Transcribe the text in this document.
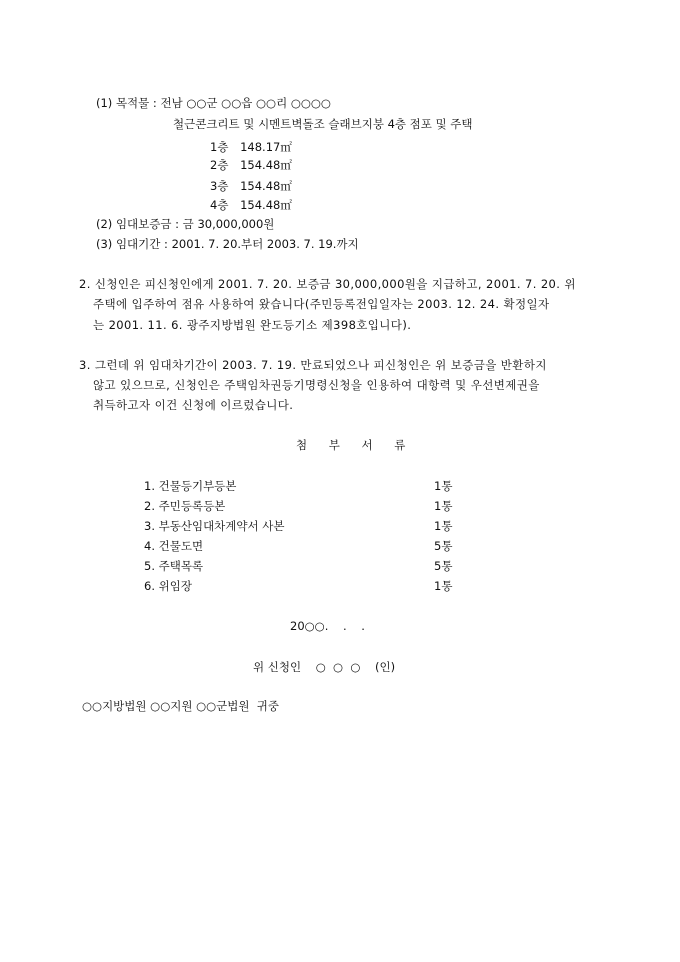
(1) 목적물 : 전남 ○○군 ○○읍 ○○리 ○○○○
철근콘크리트 및 시멘트벽돌조 슬래브지붕 4층 점포 및 주택
1층 148.17㎡
2층 154.48㎡
3층 154.48㎡
4층 154.48㎡
(2) 임대보증금 : 금 30,000,000원
(3) 임대기간 : 2001. 7. 20.부터 2003. 7. 19.까지
2. 신청인은 피신청인에게 2001. 7. 20. 보증금 30,000,000원을 지급하고, 2001. 7. 20. 위
주택에 입주하여 점유 사용하여 왔습니다(주민등록전입일자는 2003. 12. 24. 확정일자
는 2001. 11. 6. 광주지방법원 완도등기소 제398호입니다).
3. 그런데 위 임대차기간이 2003. 7. 19. 만료되었으나 피신청인은 위 보증금을 반환하지
않고 있으므로, 신청인은 주택임차권등기명령신청을 인용하여 대항력 및 우선변제권을
취득하고자 이건 신청에 이르렀습니다.
첨 부 서 류
1. 건물등기부등본	1통
2. 주민등록등본	1통
3. 부동산임대차계약서 사본	1통
4. 건물도면	5통
5. 주택목록	5통
6. 위임장	1통
20○○.    .    .
위 신청인    ○  ○  ○    (인)
○○지방법원 ○○지원 ○○군법원  귀중
